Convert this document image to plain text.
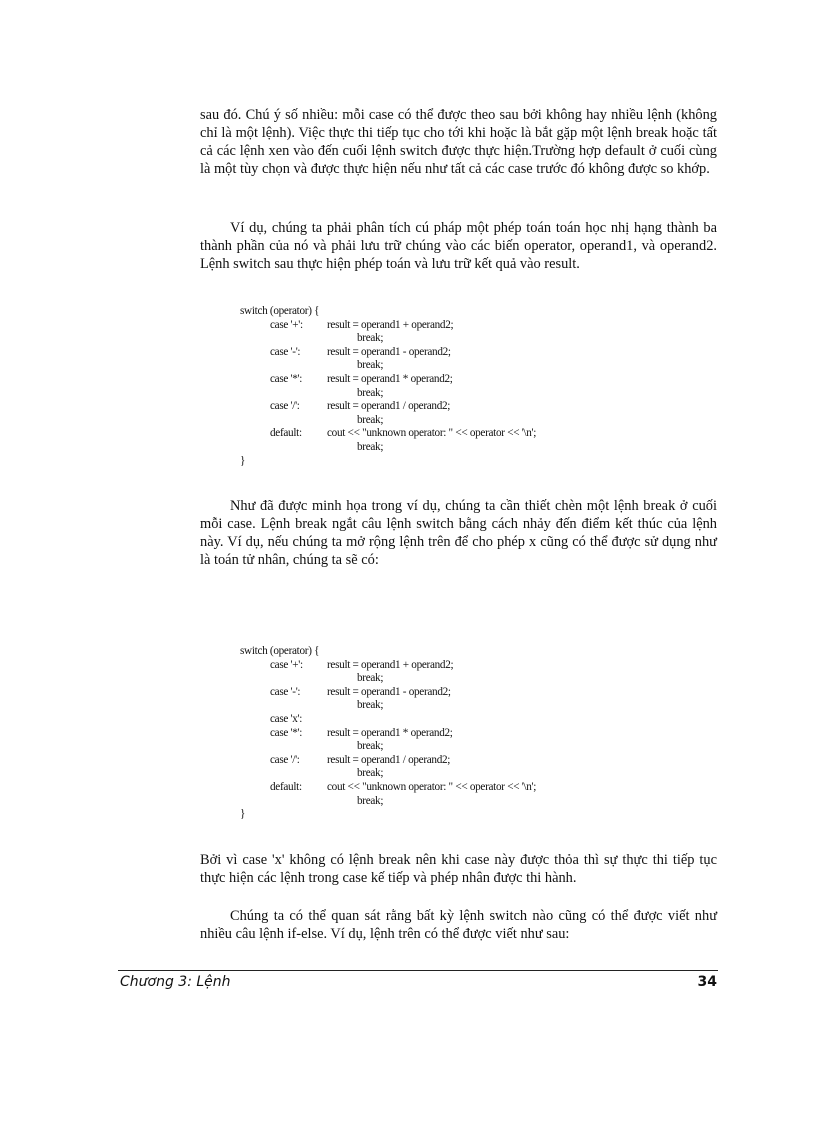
sau đó. Chú ý số nhiều: mỗi case có thể được theo sau bởi không hay nhiều lệnh (không chỉ là một lệnh). Việc thực thi tiếp tục cho tới khi hoặc là bắt gặp một lệnh break hoặc tất cả các lệnh xen vào đến cuối lệnh switch được thực hiện.Trường hợp default ở cuối cùng là một tùy chọn và được thực hiện nếu như tất cả các case trước đó không được so khớp.

Ví dụ, chúng ta phải phân tích cú pháp một phép toán toán học nhị hạng thành ba thành phần của nó và phải lưu trữ chúng vào các biến operator, operand1, và operand2. Lệnh switch sau thực hiện phép toán và lưu trữ kết quả vào result.

switch (operator) {

case '+':

result = operand1 + operand2;

break;

case '-':

result = operand1 - operand2;

break;

case '*':

result = operand1 * operand2;

break;

case '/':

result = operand1 / operand2;

break;

default:

cout << "unknown operator: " << operator << '\n';

break;
}

Như đã được minh họa trong ví dụ, chúng ta cần thiết chèn một lệnh break ở cuối mỗi case. Lệnh break ngắt câu lệnh switch bằng cách nhảy đến điểm kết thúc của lệnh này. Ví dụ, nếu chúng ta mở rộng lệnh trên để cho phép x cũng có thể được sử dụng như là toán tử nhân, chúng ta sẽ có:

switch (operator) {

case '+':

result = operand1 + operand2;

break;

case '-':

result = operand1 - operand2;

break;
case 'x':

case '*':

result = operand1 * operand2;

break;

case '/':

result = operand1 / operand2;

break;

default:

cout << "unknown operator: " << operator << '\n';

break;
}

Bởi vì case 'x' không có lệnh break nên khi case này được thỏa thì sự thực thi tiếp tục thực hiện các lệnh trong case kế tiếp và phép nhân được thi hành.

Chúng ta có thể quan sát rằng bất kỳ lệnh switch nào cũng có thể được viết như nhiều câu lệnh if-else. Ví dụ, lệnh trên có thể được viết như sau:

Chương 3: Lệnh	34
